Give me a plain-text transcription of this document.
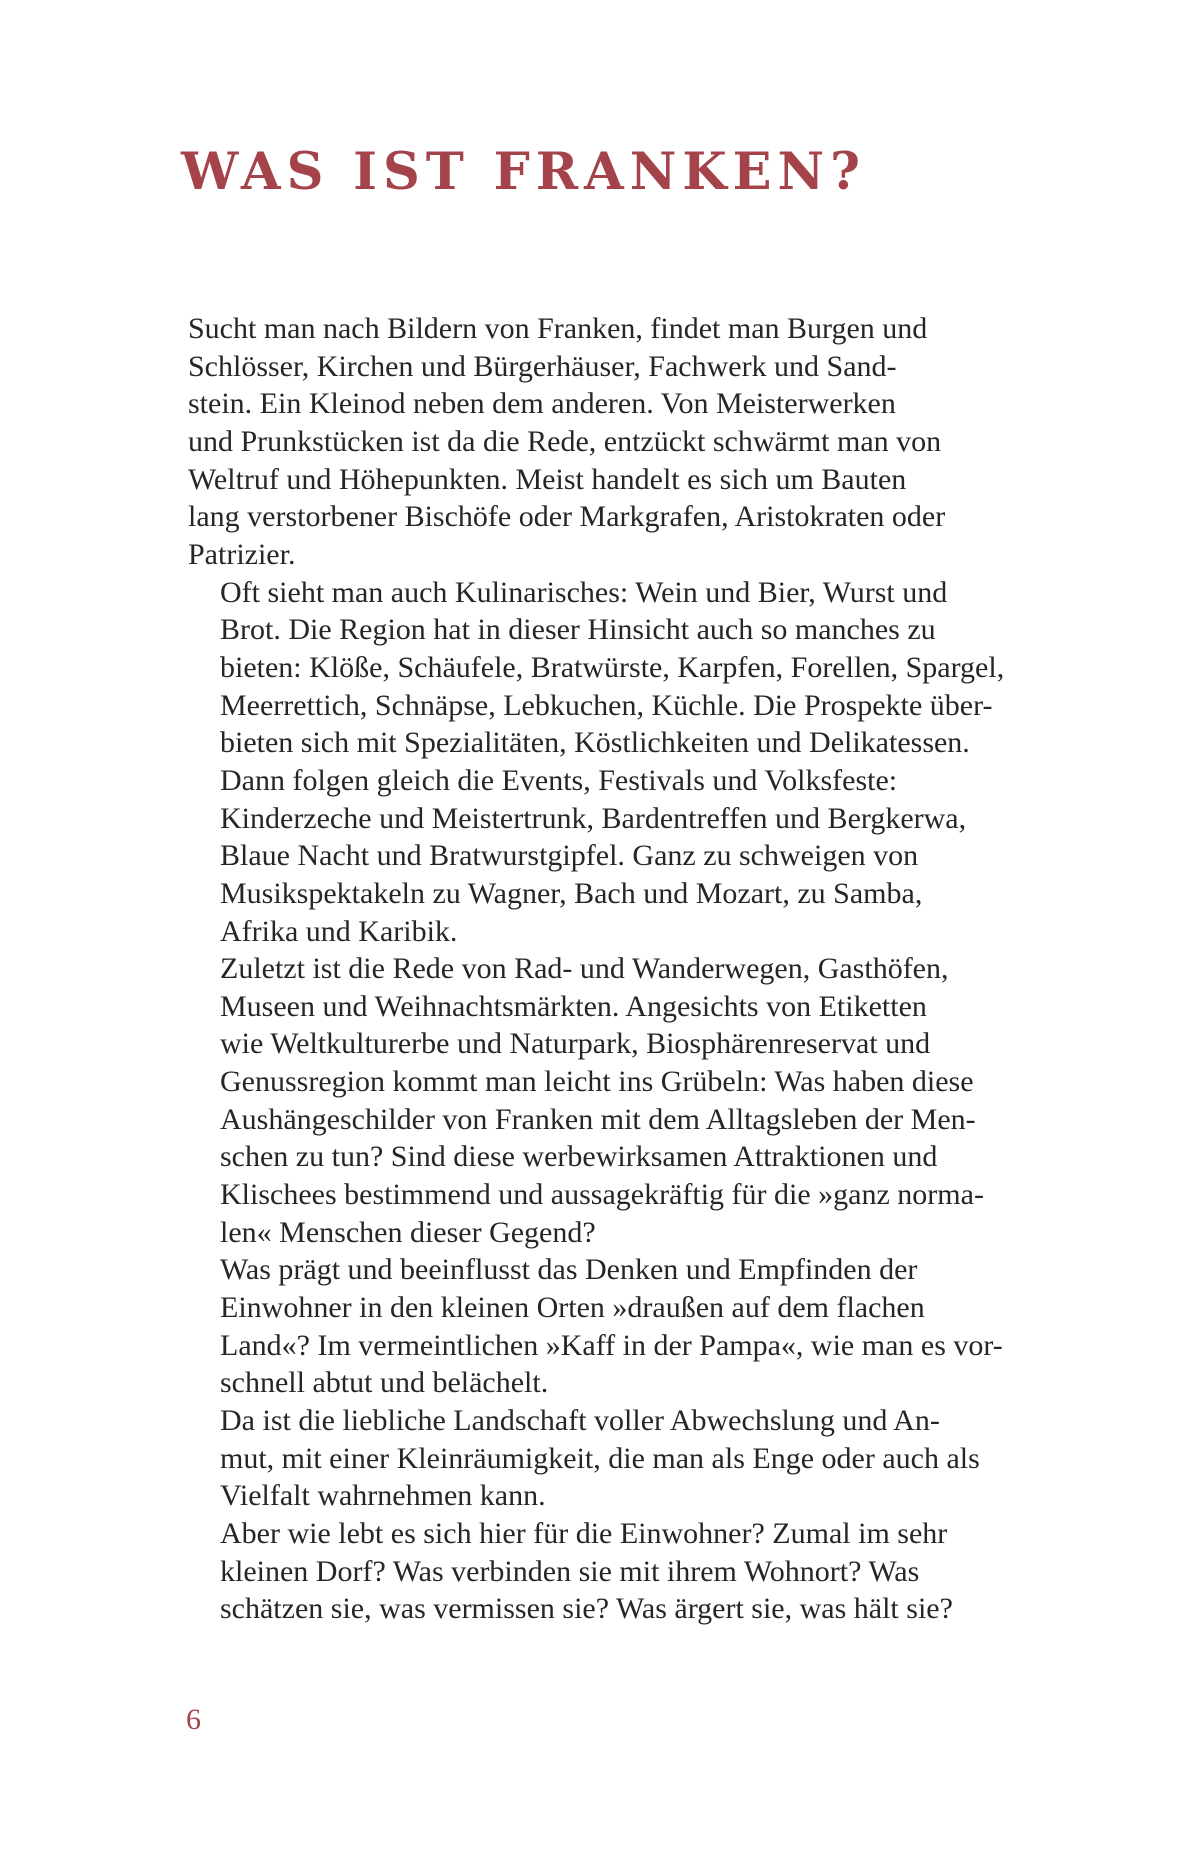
WAS IST FRANKEN?

Sucht man nach Bildern von Franken, findet man Burgen und
Schlösser, Kirchen und Bürgerhäuser, Fachwerk und Sand-
stein. Ein Kleinod neben dem anderen. Von Meisterwerken
und Prunkstücken ist da die Rede, entzückt schwärmt man von
Weltruf und Höhepunkten. Meist handelt es sich um Bauten
lang verstorbener Bischöfe oder Markgrafen, Aristokraten oder
Patrizier.

Oft sieht man auch Kulinarisches: Wein und Bier, Wurst und
Brot. Die Region hat in dieser Hinsicht auch so manches zu
bieten: Klöße, Schäufele, Bratwürste, Karpfen, Forellen, Spargel,
Meerrettich, Schnäpse, Lebkuchen, Küchle. Die Prospekte über-
bieten sich mit Spezialitäten, Köstlichkeiten und Delikatessen.

Dann folgen gleich die Events, Festivals und Volksfeste:
Kinderzeche und Meistertrunk, Bardentreffen und Bergkerwa,
Blaue Nacht und Bratwurstgipfel. Ganz zu schweigen von
Musikspektakeln zu Wagner, Bach und Mozart, zu Samba,
Afrika und Karibik.

Zuletzt ist die Rede von Rad- und Wanderwegen, Gasthöfen,
Museen und Weihnachtsmärkten. Angesichts von Etiketten
wie Weltkulturerbe und Naturpark, Biosphärenreservat und
Genussregion kommt man leicht ins Grübeln: Was haben diese
Aushängeschilder von Franken mit dem Alltagsleben der Men-
schen zu tun? Sind diese werbewirksamen Attraktionen und
Klischees bestimmend und aussagekräftig für die »ganz norma-
len« Menschen dieser Gegend?

Was prägt und beeinflusst das Denken und Empfinden der
Einwohner in den kleinen Orten »draußen auf dem flachen
Land«? Im vermeintlichen »Kaff in der Pampa«, wie man es vor-
schnell abtut und belächelt.

Da ist die liebliche Landschaft voller Abwechslung und An-
mut, mit einer Kleinräumigkeit, die man als Enge oder auch als
Vielfalt wahrnehmen kann.

Aber wie lebt es sich hier für die Einwohner? Zumal im sehr
kleinen Dorf? Was verbinden sie mit ihrem Wohnort? Was
schätzen sie, was vermissen sie? Was ärgert sie, was hält sie?

6
